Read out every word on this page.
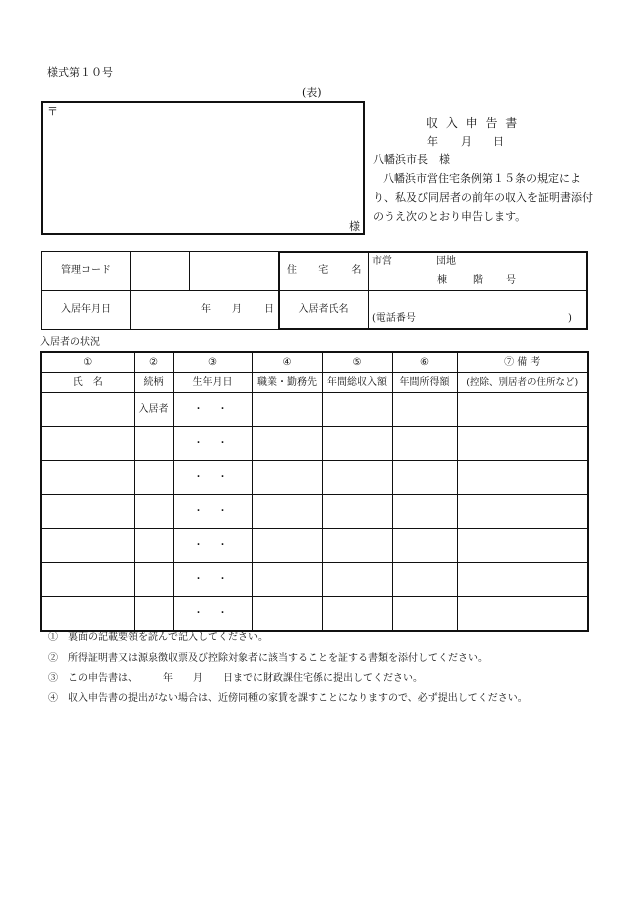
様式第１０号
(表)
〒
様
収 入 申 告 書
年 月 日
八幡浜市長　様
八幡浜市営住宅条例第１５条の規定によ
り、私及び同居者の前年の収入を証明書添付
のうえ次のとおり申告します。
管理コード			住 宅 名	市営 団地
棟 階 号

入居年月日	年 月 日		入居者氏名	(電話番号 )
入居者の状況
①	②	③	④	⑤	⑥	⑦ 備 考
氏　名	続柄	生年月日	職業・勤務先	年間総収入額	年間所得額	(控除、別居者の住所など)
	入居者	・・				
		・・				
		・・				
		・・				
		・・				
		・・				
		・・				
①　裏面の記載要領を読んで記入してください。
②　所得証明書又は源泉徴収票及び控除対象者に該当することを証する書類を添付してください。
③　この申告書は、　　　年　　月　　日までに財政課住宅係に提出してください。
④　収入申告書の提出がない場合は、近傍同種の家賃を課すことになりますので、必ず提出してください。
